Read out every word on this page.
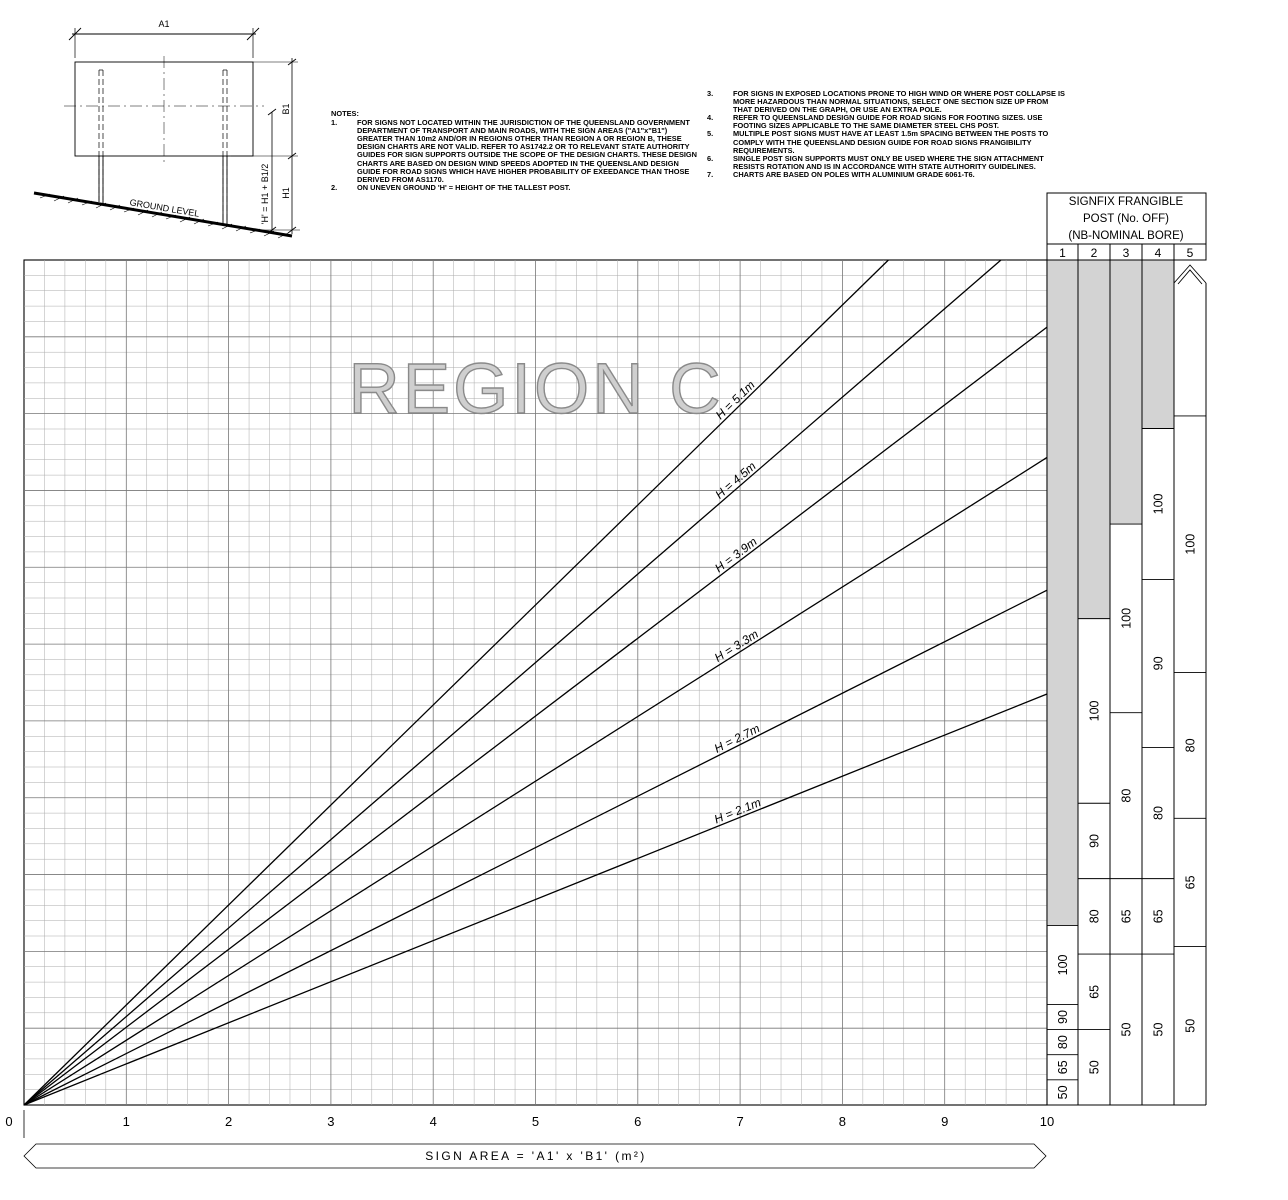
A1
B1
H1
'H' = H1 + B1/2
GROUND LEVEL
REGION C
H = 5.1m
H = 4.5m
H = 3.9m
H = 3.3m
H = 2.7m
H = 2.1m
0	1	2	3	4	5	6	7	8	9	10
SIGN AREA = 'A1' x 'B1' (m²)
SIGNFIX FRANGIBLE
POST (No. OFF)
(NB-NOMINAL BORE)
1 2 3 4 5
50
65
80
90
100
50
65
80
90
100
50
65
80
100
50
65
80
90
100
50
65
80
100
NOTES:
1.	FOR SIGNS NOT LOCATED WITHIN THE JURISDICTION OF THE QUEENSLAND GOVERNMENT DEPARTMENT OF TRANSPORT AND MAIN ROADS, WITH THE SIGN AREAS ("A1"x"B1") GREATER THAN 10m2 AND/OR IN REGIONS OTHER THAN REGION A OR REGION B, THESE DESIGN CHARTS ARE NOT VALID. REFER TO AS1742.2 OR TO RELEVANT STATE AUTHORITY GUIDES FOR SIGN SUPPORTS OUTSIDE THE SCOPE OF THE DESIGN CHARTS. THESE DESIGN CHARTS ARE BASED ON DESIGN WIND SPEEDS ADOPTED IN THE QUEENSLAND DESIGN GUIDE FOR ROAD SIGNS WHICH HAVE HIGHER PROBABILITY OF EXEEDANCE THAN THOSE DERIVED FROM AS1170.
2.	ON UNEVEN GROUND 'H' = HEIGHT OF THE TALLEST POST.
3.	FOR SIGNS IN EXPOSED LOCATIONS PRONE TO HIGH WIND OR WHERE POST COLLAPSE IS MORE HAZARDOUS THAN NORMAL SITUATIONS, SELECT ONE SECTION SIZE UP FROM THAT DERIVED ON THE GRAPH, OR USE AN EXTRA POLE.
4.	REFER TO QUEENSLAND DESIGN GUIDE FOR ROAD SIGNS FOR FOOTING SIZES. USE FOOTING SIZES APPLICABLE TO THE SAME DIAMETER STEEL CHS POST.
5.	MULTIPLE POST SIGNS MUST HAVE AT LEAST 1.5m SPACING BETWEEN THE POSTS TO COMPLY WITH THE QUEENSLAND DESIGN GUIDE FOR ROAD SIGNS FRANGIBILITY REQUIREMENTS.
6.	SINGLE POST SIGN SUPPORTS MUST ONLY BE USED WHERE THE SIGN ATTACHMENT RESISTS ROTATION AND IS IN ACCORDANCE WITH STATE AUTHORITY GUIDELINES.
7.	CHARTS ARE BASED ON POLES WITH ALUMINIUM GRADE 6061-T6.
